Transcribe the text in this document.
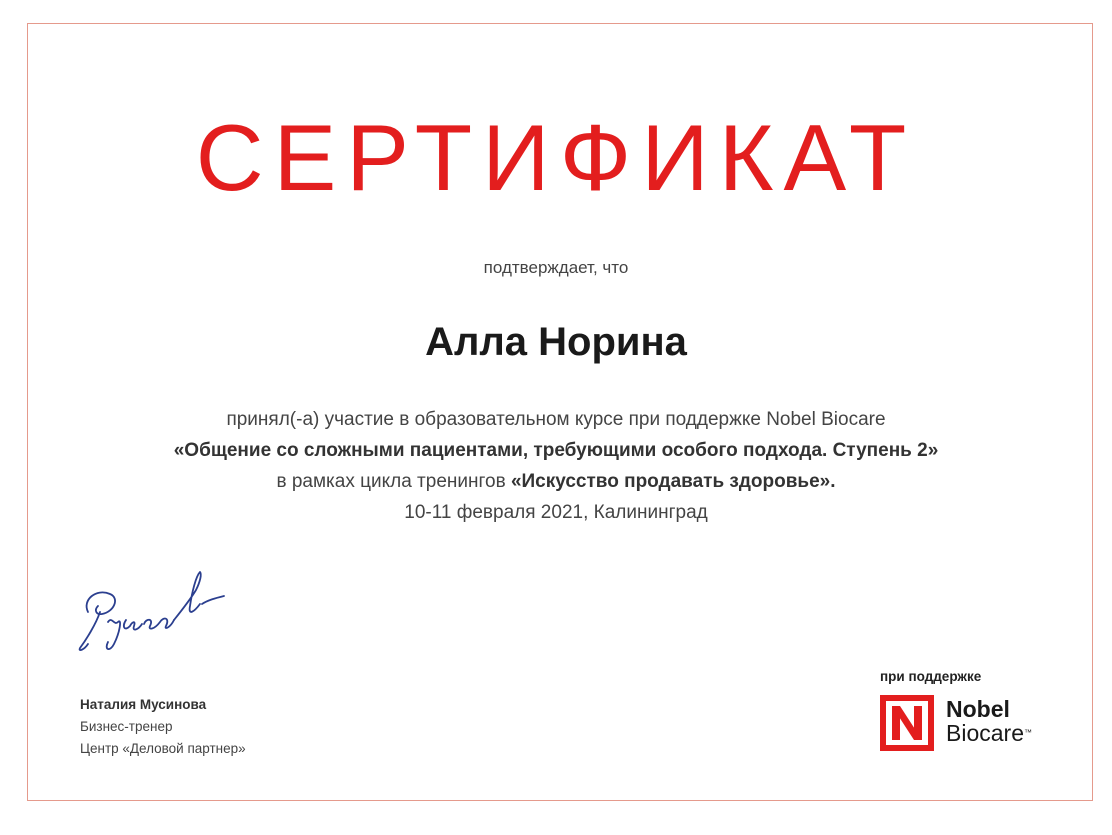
СЕРТИФИКАТ
подтверждает, что
Алла Норина
принял(-а) участие в образовательном курсе при поддержке Nobel Biocare
«Общение со сложными пациентами, требующими особого подхода. Ступень 2»
в рамках цикла тренингов «Искусство продавать здоровье».
10-11 февраля 2021, Калининград
Наталия Мусинова
Бизнес-тренер
Центр «Деловой партнер»
при поддержке
Nobel
Biocare™
